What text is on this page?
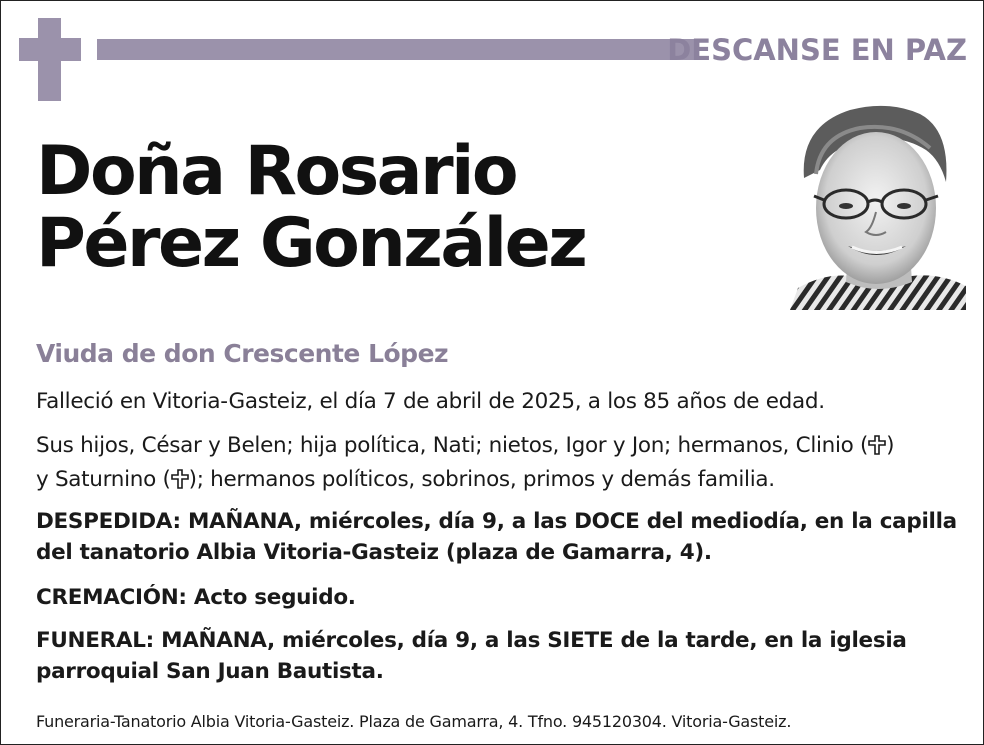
DESCANSE EN PAZ
Doña Rosario
Pérez González
Viuda de don Crescente López
Falleció en Vitoria-Gasteiz, el día 7 de abril de 2025, a los 85 años de edad.
Sus hijos, César y Belen; hija política, Nati; nietos, Igor y Jon; hermanos, Clinio ( )
y Saturnino ( ); hermanos políticos, sobrinos, primos y demás familia.
DESPEDIDA: MAÑANA, miércoles, día 9, a las DOCE del mediodía, en la capilla
del tanatorio Albia Vitoria-Gasteiz (plaza de Gamarra, 4).
CREMACIÓN: Acto seguido.
FUNERAL: MAÑANA, miércoles, día 9, a las SIETE de la tarde, en la iglesia
parroquial San Juan Bautista.
Funeraria-Tanatorio Albia Vitoria-Gasteiz. Plaza de Gamarra, 4. Tfno. 945120304. Vitoria-Gasteiz.
